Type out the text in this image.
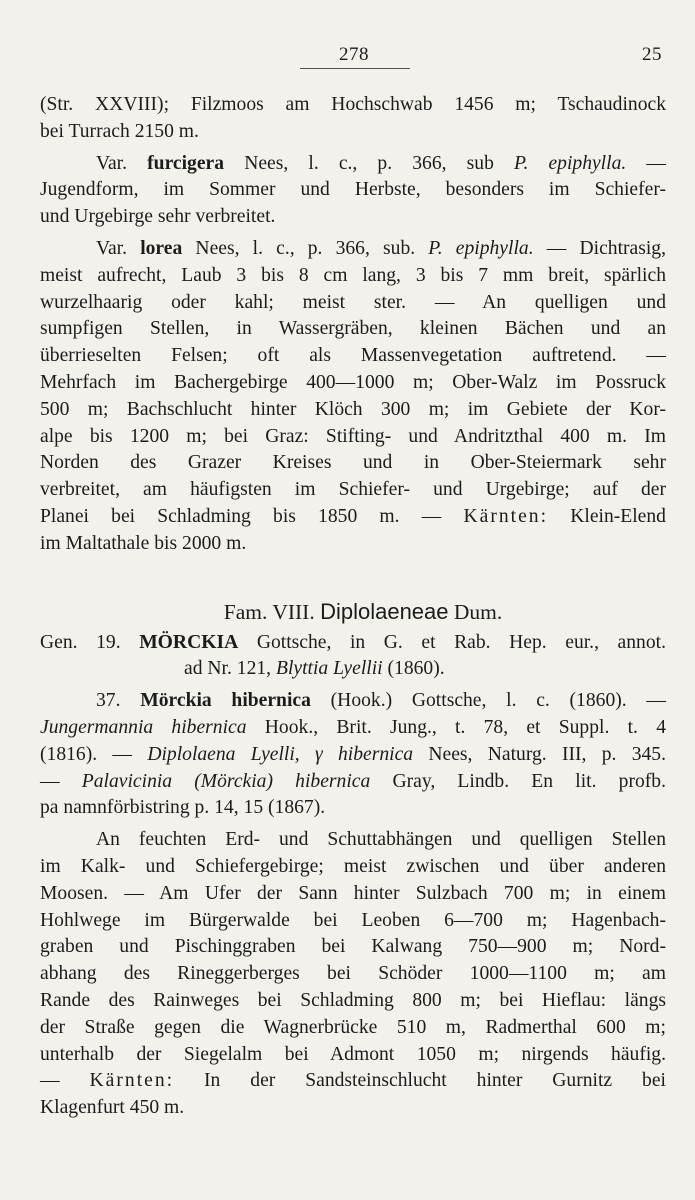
278	25

(Str. XXVIII); Filzmoos am Hochschwab 1456 m; Tschaudinock
bei Turrach 2150 m.

Var. furcigera Nees, l. c., p. 366, sub P. epiphylla. —
Jugendform, im Sommer und Herbste, besonders im Schiefer-
und Urgebirge sehr verbreitet.

Var. lorea Nees, l. c., p. 366, sub. P. epiphylla. — Dichtrasig,
meist aufrecht, Laub 3 bis 8 cm lang, 3 bis 7 mm breit, spärlich
wurzelhaarig oder kahl; meist ster. — An quelligen und
sumpfigen Stellen, in Wassergräben, kleinen Bächen und an
überrieselten Felsen; oft als Massenvegetation auftretend. —
Mehrfach im Bachergebirge 400—1000 m; Ober-Walz im Possruck
500 m; Bachschlucht hinter Klöch 300 m; im Gebiete der Kor-
alpe bis 1200 m; bei Graz: Stifting- und Andritzthal 400 m. Im
Norden des Grazer Kreises und in Ober-Steiermark sehr
verbreitet, am häufigsten im Schiefer- und Urgebirge; auf der
Planei bei Schladming bis 1850 m. — Kärnten: Klein-Elend
im Maltathale bis 2000 m.

Fam. VIII. Diplolaeneae Dum.

Gen. 19. MÖRCKIA Gottsche, in G. et Rab. Hep. eur., annot.
ad Nr. 121, Blyttia Lyellii (1860).

37. Mörckia hibernica (Hook.) Gottsche, l. c. (1860). —
Jungermannia hibernica Hook., Brit. Jung., t. 78, et Suppl. t. 4
(1816). — Diplolaena Lyelli, γ hibernica Nees, Naturg. III, p. 345.
— Palavicinia (Mörckia) hibernica Gray, Lindb. En lit. profb.
pa namnförbistring p. 14, 15 (1867).

An feuchten Erd- und Schuttabhängen und quelligen Stellen
im Kalk- und Schiefergebirge; meist zwischen und über anderen
Moosen. — Am Ufer der Sann hinter Sulzbach 700 m; in einem
Hohlwege im Bürgerwalde bei Leoben 6—700 m; Hagenbach-
graben und Pischinggraben bei Kalwang 750—900 m; Nord-
abhang des Rineggerberges bei Schöder 1000—1100 m; am
Rande des Rainweges bei Schladming 800 m; bei Hieflau: längs
der Straße gegen die Wagnerbrücke 510 m, Radmerthal 600 m;
unterhalb der Siegelalm bei Admont 1050 m; nirgends häufig.
— Kärnten: In der Sandsteinschlucht hinter Gurnitz bei
Klagenfurt 450 m.
